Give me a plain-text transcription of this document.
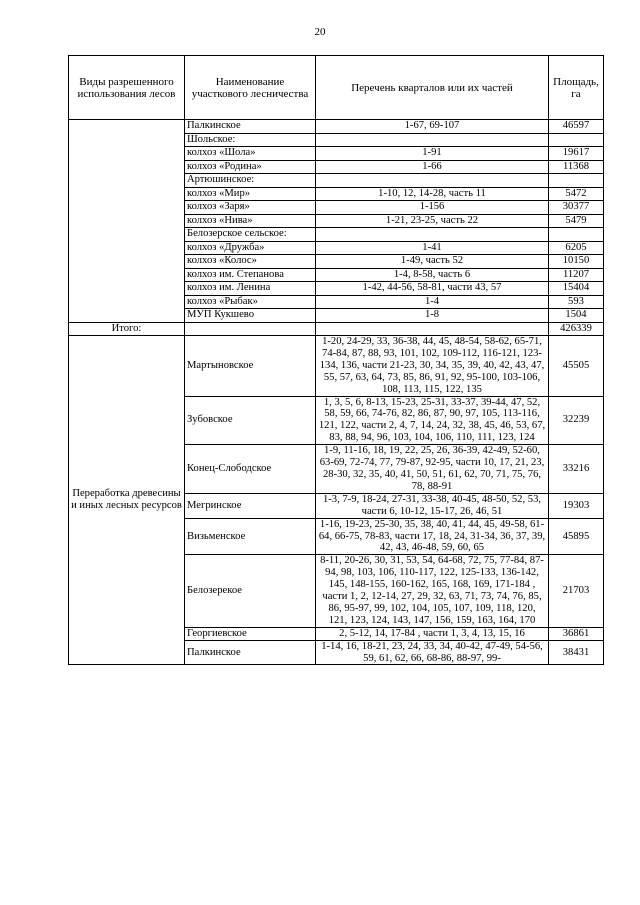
20
Виды разрешенного использования лесов	Наименование участкового лесничества	Перечень кварталов или их частей	Площадь, га
	Палкинское	1-67, 69-107	46597
	Шольское:		
	колхоз «Шола»	1-91	19617
	колхоз «Родина»	1-66	11368
	Артюшинское:		
	колхоз «Мир»	1-10, 12, 14-28, часть 11	5472
	колхоз «Заря»	1-156	30377
	колхоз «Нива»	1-21, 23-25, часть 22	5479
	Белозерское сельское:		
	колхоз «Дружба»	1-41	6205
	колхоз «Колос»	1-49, часть 52	10150
	колхоз им. Степанова	1-4, 8-58, часть 6	11207
	колхоз им. Ленина	1-42, 44-56, 58-81, части 43, 57	15404
	колхоз «Рыбак»	1-4	593
	МУП Кукшево	1-8	1504
Итого:			426339
Переработка древесины и иных лесных ресурсов	Мартыновское	1-20, 24-29, 33, 36-38, 44, 45, 48-54, 58-62, 65-71, 74-84, 87, 88, 93, 101, 102, 109-112, 116-121, 123-134, 136, части 21-23, 30, 34, 35, 39, 40, 42, 43, 47, 55, 57, 63, 64, 73, 85, 86, 91, 92, 95-100, 103-106, 108, 113, 115, 122, 135	45505
	Зубовское	1, 3, 5, 6, 8-13, 15-23, 25-31, 33-37, 39-44, 47, 52, 58, 59, 66, 74-76, 82, 86, 87, 90, 97, 105, 113-116, 121, 122, части 2, 4, 7, 14, 24, 32, 38, 45, 46, 53, 67, 83, 88, 94, 96, 103, 104, 106, 110, 111, 123, 124	32239
	Конец-Слободское	1-9, 11-16, 18, 19, 22, 25, 26, 36-39, 42-49, 52-60, 63-69, 72-74, 77, 79-87, 92-95, части 10, 17, 21, 23, 28-30, 32, 35, 40, 41, 50, 51, 61, 62, 70, 71, 75, 76, 78, 88-91	33216
	Мегринское	1-3, 7-9, 18-24, 27-31, 33-38, 40-45, 48-50, 52, 53, части 6, 10-12, 15-17, 26, 46, 51	19303
	Визьменское	1-16, 19-23, 25-30, 35, 38, 40, 41, 44, 45, 49-58, 61-64, 66-75, 78-83, части 17, 18, 24, 31-34, 36, 37, 39, 42, 43, 46-48, 59, 60, 65	45895
	Белозерекое	8-11, 20-26, 30, 31, 53, 54, 64-68, 72, 75, 77-84, 87-94, 98, 103, 106, 110-117, 122, 125-133, 136-142, 145, 148-155, 160-162, 165, 168, 169, 171-184 , части 1, 2, 12-14, 27, 29, 32, 63, 71, 73, 74, 76, 85, 86, 95-97, 99, 102, 104, 105, 107, 109, 118, 120, 121, 123, 124, 143, 147, 156, 159, 163, 164, 170	21703
	Георгиевское	2, 5-12, 14, 17-84 , части 1, 3, 4, 13, 15, 16	36861
	Палкинское	1-14, 16, 18-21, 23, 24, 33, 34, 40-42, 47-49, 54-56, 59, 61, 62, 66, 68-86, 88-97, 99-	38431
